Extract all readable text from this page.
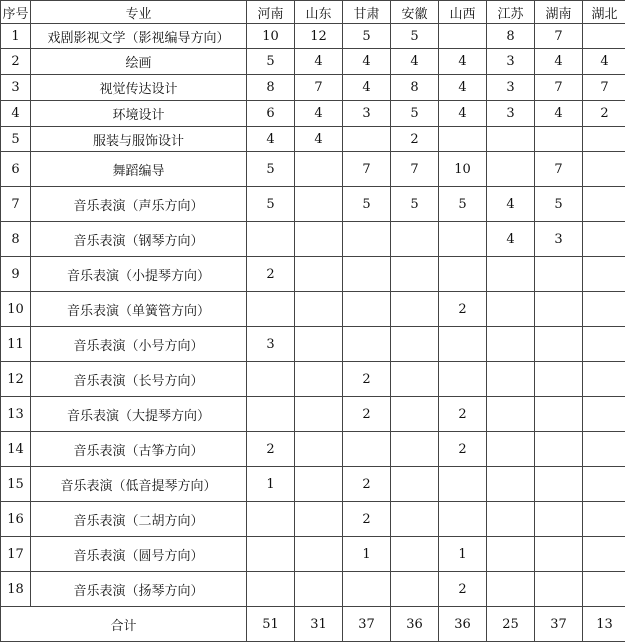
序号	专业	河南	山东	甘肃	安徽	山西	江苏	湖南	湖北
1	戏剧影视文学（影视编导方向）	10	12	5	5		8	7	
2	绘画	5	4	4	4	4	3	4	4
3	视觉传达设计	8	7	4	8	4	3	7	7
4	环境设计	6	4	3	5	4	3	4	2
5	服装与服饰设计	4	4		2				
6	舞蹈编导	5		7	7	10		7	
7	音乐表演（声乐方向）	5		5	5	5	4	5	
8	音乐表演（钢琴方向）						4	3	
9	音乐表演（小提琴方向）	2							
10	音乐表演（单簧管方向）					2			
11	音乐表演（小号方向）	3							
12	音乐表演（长号方向）			2					
13	音乐表演（大提琴方向）			2		2			
14	音乐表演（古筝方向）	2				2			
15	音乐表演（低音提琴方向）	1		2					
16	音乐表演（二胡方向）			2					
17	音乐表演（圆号方向）			1		1			
18	音乐表演（扬琴方向）					2			
合计		51	31	37	36	36	25	37	13
